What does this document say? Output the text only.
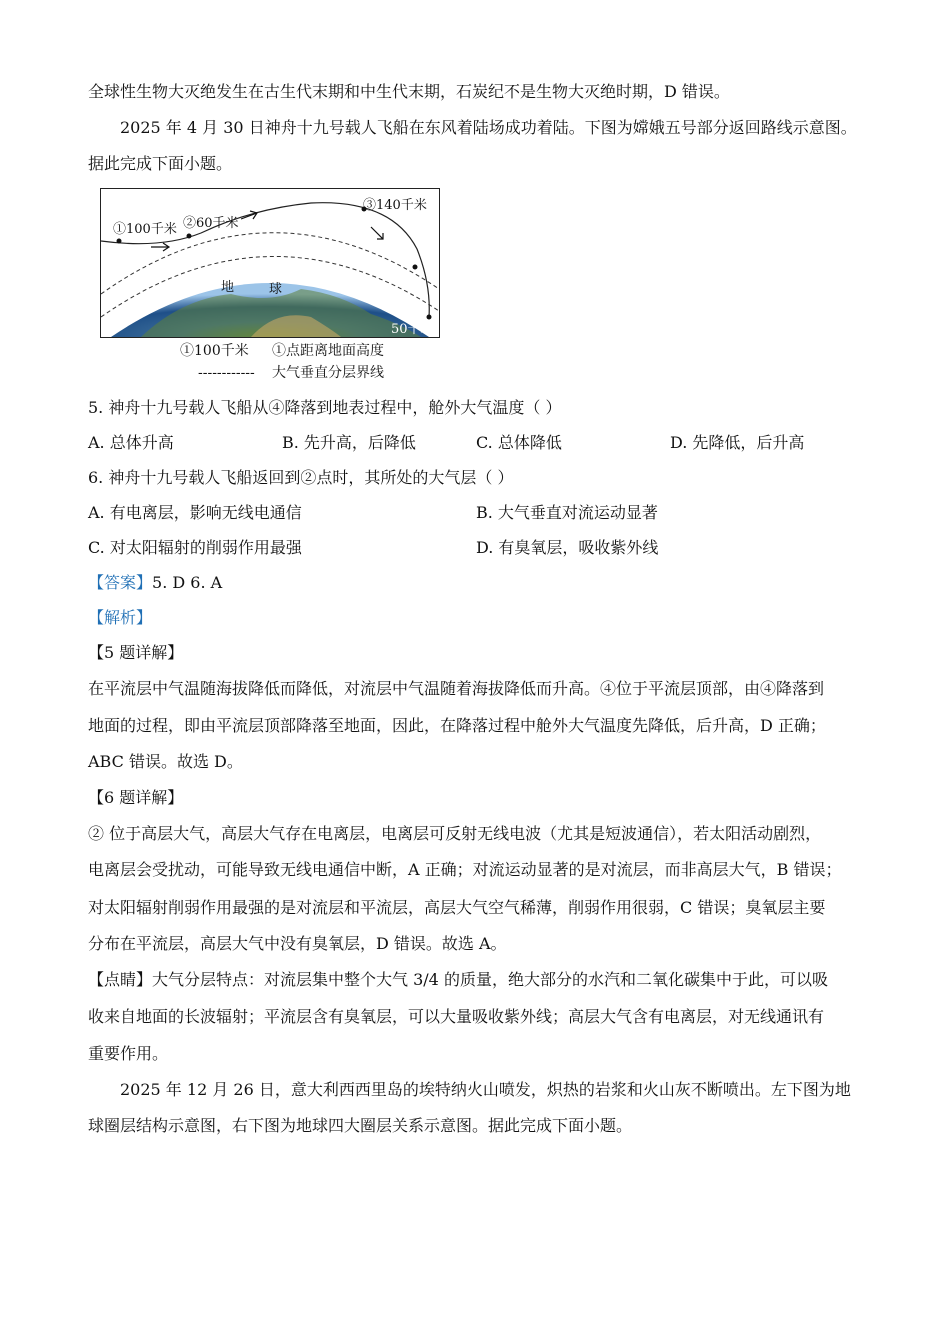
全球性生物大灭绝发生在古生代末期和中生代末期，石炭纪不是生物大灭绝时期，D 错误。
2025 年 4 月 30 日神舟十九号载人飞船在东风着陆场成功着陆。下图为嫦娥五号部分返回路线示意图。
据此完成下面小题。
①100千米 ②60千米
③140千米
④
50千米
地	球
①100千米 ①点距离地面高度
------------ 大气垂直分层界线
5. 神舟十九号载人飞船从④降落到地表过程中，舱外大气温度（ ）
A. 总体升高	B. 先升高，后降低	C. 总体降低	D. 先降低，后升高
6. 神舟十九号载人飞船返回到②点时，其所处的大气层（ ）
A. 有电离层，影响无线电通信	B. 大气垂直对流运动显著
C. 对太阳辐射的削弱作用最强	D. 有臭氧层，吸收紫外线
【答案】5. D 6. A
【解析】
【5 题详解】
在平流层中气温随海拔降低而降低，对流层中气温随着海拔降低而升高。④位于平流层顶部，由④降落到
地面的过程，即由平流层顶部降落至地面，因此，在降落过程中舱外大气温度先降低，后升高，D 正确；
ABC 错误。故选 D。
【6 题详解】
② 位于高层大气，高层大气存在电离层，电离层可反射无线电波（尤其是短波通信），若太阳活动剧烈，
电离层会受扰动，可能导致无线电通信中断，A 正确；对流运动显著的是对流层，而非高层大气，B 错误；
对太阳辐射削弱作用最强的是对流层和平流层，高层大气空气稀薄，削弱作用很弱，C 错误；臭氧层主要
分布在平流层，高层大气中没有臭氧层，D 错误。故选 A。
【点睛】大气分层特点：对流层集中整个大气 3/4 的质量，绝大部分的水汽和二氧化碳集中于此，可以吸
收来自地面的长波辐射；平流层含有臭氧层，可以大量吸收紫外线；高层大气含有电离层，对无线通讯有
重要作用。
2025 年 12 月 26 日，意大利西西里岛的埃特纳火山喷发，炽热的岩浆和火山灰不断喷出。左下图为地
球圈层结构示意图，右下图为地球四大圈层关系示意图。据此完成下面小题。
